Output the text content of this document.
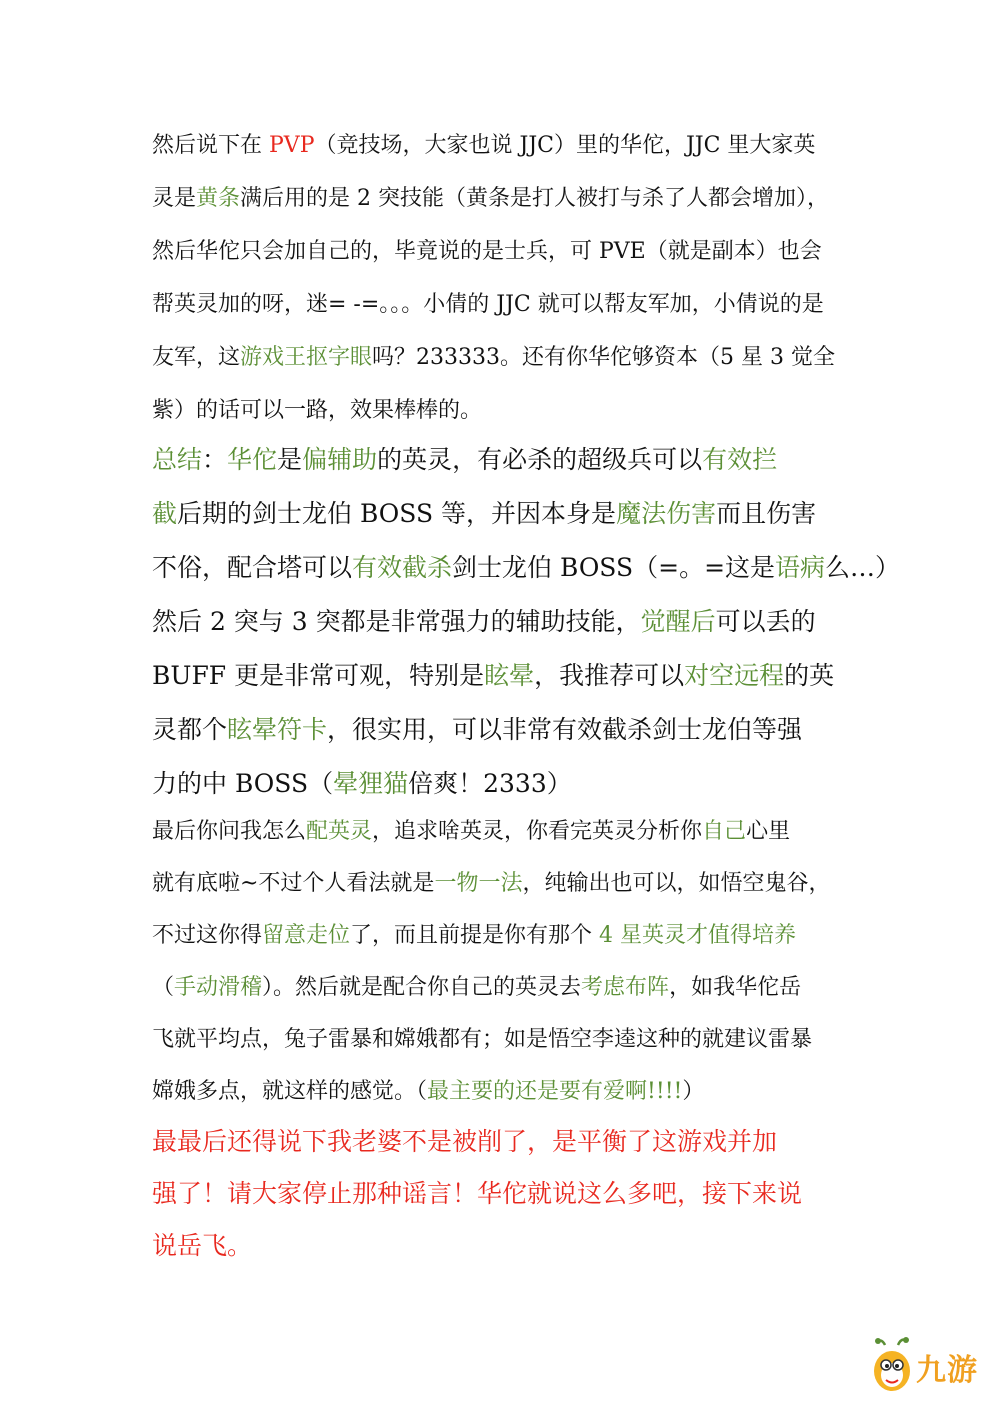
然后说下在 PVP（竞技场，大家也说 JJC）里的华佗，JJC 里大家英
灵是黄条满后用的是 2 突技能（黄条是打人被打与杀了人都会增加），
然后华佗只会加自己的，毕竟说的是士兵，可 PVE（就是副本）也会
帮英灵加的呀，迷= -=。。。小倩的 JJC 就可以帮友军加，小倩说的是
友军，这游戏王抠字眼吗？233333。还有你华佗够资本（5 星 3 觉全
紫）的话可以一路，效果棒棒的。
总结：华佗是偏辅助的英灵，有必杀的超级兵可以有效拦
截后期的剑士龙伯 BOSS 等，并因本身是魔法伤害而且伤害
不俗，配合塔可以有效截杀剑士龙伯 BOSS（=。=这是语病么…）
然后 2 突与 3 突都是非常强力的辅助技能，觉醒后可以丢的
BUFF 更是非常可观，特别是眩晕，我推荐可以对空远程的英
灵都个眩晕符卡，很实用，可以非常有效截杀剑士龙伯等强
力的中 BOSS（晕狸猫倍爽！2333）
最后你问我怎么配英灵，追求啥英灵，你看完英灵分析你自己心里
就有底啦~不过个人看法就是一物一法，纯输出也可以，如悟空鬼谷，
不过这你得留意走位了，而且前提是你有那个 4 星英灵才值得培养
（手动滑稽）。然后就是配合你自己的英灵去考虑布阵，如我华佗岳
飞就平均点，兔子雷暴和嫦娥都有；如是悟空李逵这种的就建议雷暴
嫦娥多点，就这样的感觉。（最主要的还是要有爱啊!!!!）
最最后还得说下我老婆不是被削了，是平衡了这游戏并加
强了！请大家停止那种谣言！华佗就说这么多吧，接下来说
说岳飞。
九游
